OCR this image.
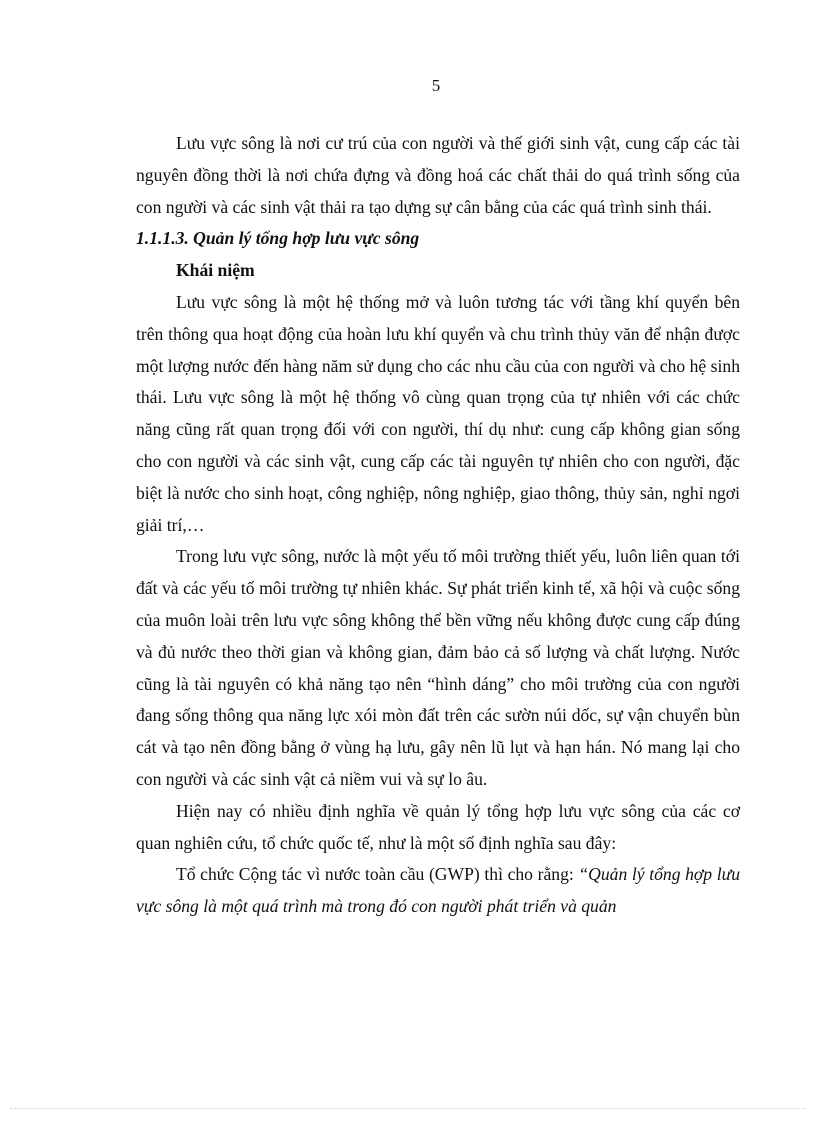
5

Lưu vực sông là nơi cư trú của con người và thế giới sinh vật, cung cấp các tài nguyên đồng thời là nơi chứa đựng và đồng hoá các chất thải do quá trình sống của con người và các sinh vật thải ra tạo dựng sự cân bằng của các quá trình sinh thái.

1.1.1.3. Quản lý tổng hợp lưu vực sông

Khái niệm

Lưu vực sông là một hệ thống mở và luôn tương tác với tầng khí quyển bên trên thông qua hoạt động của hoàn lưu khí quyển và chu trình thủy văn để nhận được một lượng nước đến hàng năm sử dụng cho các nhu cầu của con người và cho hệ sinh thái. Lưu vực sông là một hệ thống vô cùng quan trọng của tự nhiên với các chức năng cũng rất quan trọng đối với con người, thí dụ như: cung cấp không gian sống cho con người và các sinh vật, cung cấp các tài nguyên tự nhiên cho con người, đặc biệt là nước cho sinh hoạt, công nghiệp, nông nghiệp, giao thông, thủy sản, nghỉ ngơi giải trí,…

Trong lưu vực sông, nước là một yếu tố môi trường thiết yếu, luôn liên quan tới đất và các yếu tố môi trường tự nhiên khác. Sự phát triển kinh tế, xã hội và cuộc sống của muôn loài trên lưu vực sông không thể bền vững nếu không được cung cấp đúng và đủ nước theo thời gian và không gian, đảm bảo cả số lượng và chất lượng. Nước cũng là tài nguyên có khả năng tạo nên “hình dáng” cho môi trường của con người đang sống thông qua năng lực xói mòn đất trên các sườn núi dốc, sự vận chuyển bùn cát và tạo nên đồng bằng ở vùng hạ lưu, gây nên lũ lụt và hạn hán. Nó mang lại cho con người và các sinh vật cả niềm vui và sự lo âu.

Hiện nay có nhiều định nghĩa về quản lý tổng hợp lưu vực sông của các cơ quan nghiên cứu, tổ chức quốc tế, như là một số định nghĩa sau đây:

Tổ chức Cộng tác vì nước toàn cầu (GWP) thì cho rằng: “Quản lý tổng hợp lưu vực sông là một quá trình mà trong đó con người phát triển và quản
